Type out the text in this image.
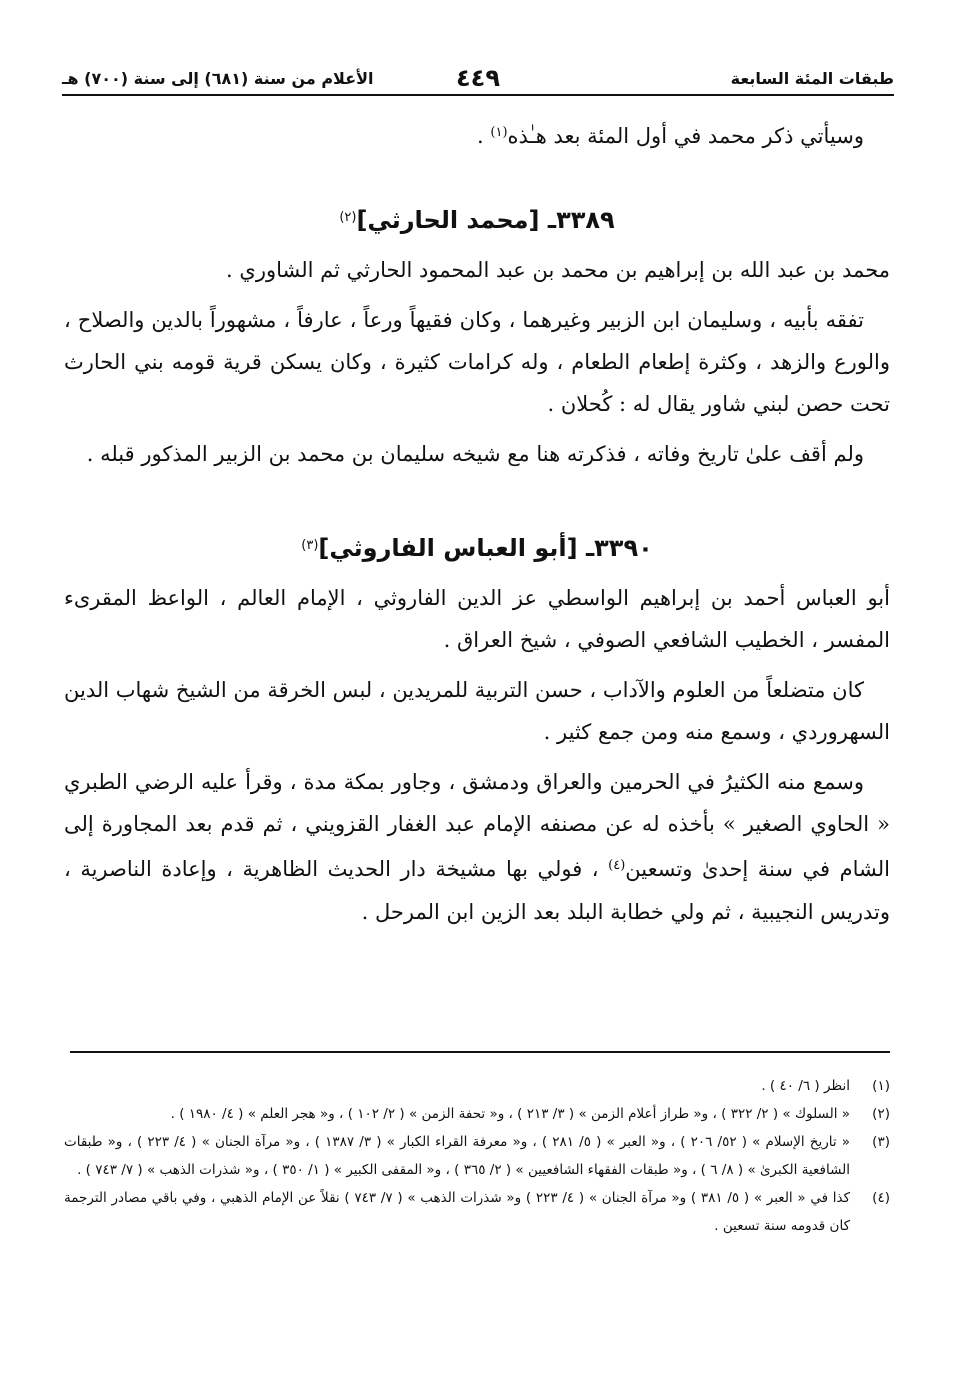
طبقات المئة السابعة
٤٤٩
الأعلام من سنة (٦٨١) إلى سنة (٧٠٠) هـ

وسيأتي ذكر محمد في أول المئة بعد هـٰذه$^{(١)}$ .

٣٣٨٩ـ [محمد الحارثي]$^{(٢)}$

محمد بن عبد الله بن إبراهيم بن محمد بن عبد المحمود الحارثي ثم الشاوري .

تفقه بأبيه ، وسليمان ابن الزبير وغيرهما ، وكان فقيهاً ورعاً ، عارفاً ، مشهوراً بالدين والصلاح ، والورع والزهد ، وكثرة إطعام الطعام ، وله كرامات كثيرة ، وكان يسكن قرية قومه بني الحارث تحت حصن لبني شاور يقال له : كُحلان .

ولم أقف علىٰ تاريخ وفاته ، فذكرته هنا مع شيخه سليمان بن محمد بن الزبير المذكور قبله .

٣٣٩٠ـ [أبو العباس الفاروثي]$^{(٣)}$

أبو العباس أحمد بن إبراهيم الواسطي عز الدين الفاروثي ، الإمام العالم ، الواعظ المقرىء المفسر ، الخطيب الشافعي الصوفي ، شيخ العراق .

كان متضلعاً من العلوم والآداب ، حسن التربية للمريدين ، لبس الخرقة من الشيخ شهاب الدين السهروردي ، وسمع منه ومن جمع كثير .

وسمع منه الكثيرُ في الحرمين والعراق ودمشق ، وجاور بمكة مدة ، وقرأ عليه الرضي الطبري « الحاوي الصغير » بأخذه له عن مصنفه الإمام عبد الغفار القزويني ، ثم قدم بعد المجاورة إلى الشام في سنة إحدىٰ وتسعين$^{(٤)}$ ، فولي بها مشيخة دار الحديث الظاهرية ، وإعادة الناصرية ، وتدريس النجيبية ، ثم ولي خطابة البلد بعد الزين ابن المرحل .

(١)
انظر ( ٦/ ٤٠ ) .
(٢)
« السلوك » ( ٢/ ٣٢٢ ) ، و« طراز أعلام الزمن » ( ٣/ ٢١٣ ) ، و« تحفة الزمن » ( ٢/ ١٠٢ ) ، و« هجر العلم » ( ٤/ ١٩٨٠ ) .
(٣)
« تاريخ الإسلام » ( ٥٢/ ٢٠٦ ) ، و« العبر » ( ٥/ ٢٨١ ) ، و« معرفة القراء الكبار » ( ٣/ ١٣٨٧ ) ، و« مرآة الجنان » ( ٤/ ٢٢٣ ) ، و« طبقات الشافعية الكبرىٰ » ( ٨/ ٦ ) ، و« طبقات الفقهاء الشافعيين » ( ٢/ ٣٦٥ ) ، و« المقفى الكبير » ( ١/ ٣٥٠ ) ، و« شذرات الذهب » ( ٧/ ٧٤٣ ) .
(٤)
كذا في « العبر » ( ٥/ ٣٨١ ) و« مرآة الجنان » ( ٤/ ٢٢٣ ) و« شذرات الذهب » ( ٧/ ٧٤٣ ) نقلاً عن الإمام الذهبي ، وفي باقي مصادر الترجمة كان قدومه سنة تسعين .
